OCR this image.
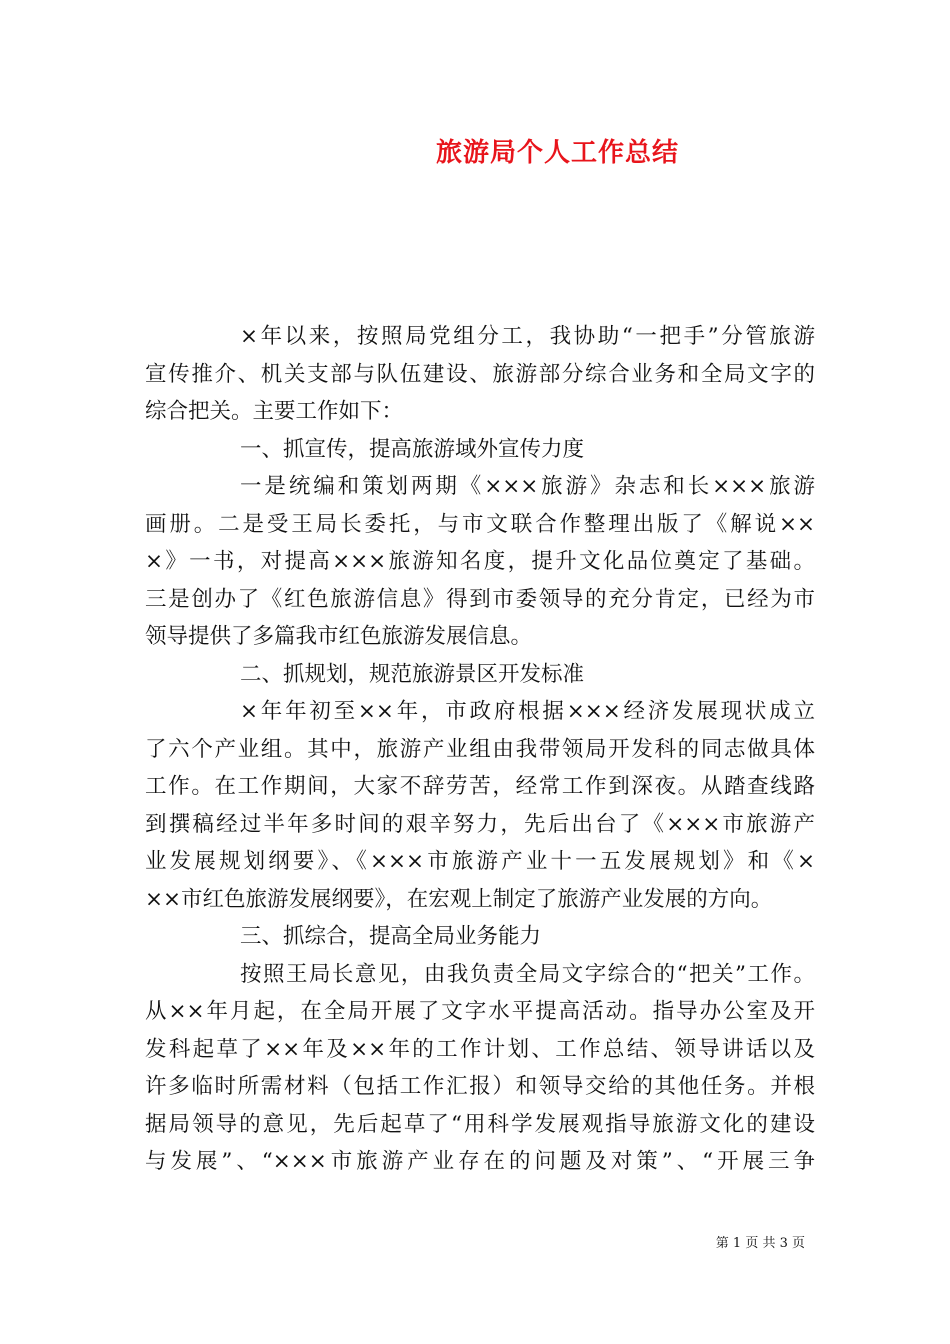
旅游局个人工作总结
×年以来，按照局党组分工，我协助“一把手”分管旅游
宣传推介、机关支部与队伍建设、旅游部分综合业务和全局文字的
综合把关。主要工作如下：
一、抓宣传，提高旅游域外宣传力度
一是统编和策划两期《×××旅游》杂志和长×××旅游
画册。二是受王局长委托，与市文联合作整理出版了《解说××
×》一书，对提高×××旅游知名度，提升文化品位奠定了基础。
三是创办了《红色旅游信息》得到市委领导的充分肯定，已经为市
领导提供了多篇我市红色旅游发展信息。
二、抓规划，规范旅游景区开发标准
×年年初至××年，市政府根据×××经济发展现状成立
了六个产业组。其中，旅游产业组由我带领局开发科的同志做具体
工作。在工作期间，大家不辞劳苦，经常工作到深夜。从踏查线路
到撰稿经过半年多时间的艰辛努力，先后出台了《×××市旅游产
业发展规划纲要》、《×××市旅游产业十一五发展规划》和《×
××市红色旅游发展纲要》，在宏观上制定了旅游产业发展的方向。
三、抓综合，提高全局业务能力
按照王局长意见，由我负责全局文字综合的“把关”工作。
从××年月起，在全局开展了文字水平提高活动。指导办公室及开
发科起草了××年及××年的工作计划、工作总结、领导讲话以及
许多临时所需材料（包括工作汇报）和领导交给的其他任务。并根
据局领导的意见，先后起草了“用科学发展观指导旅游文化的建设
与发展”、“×××市旅游产业存在的问题及对策”、“开展三争
第 1 页 共 3 页
